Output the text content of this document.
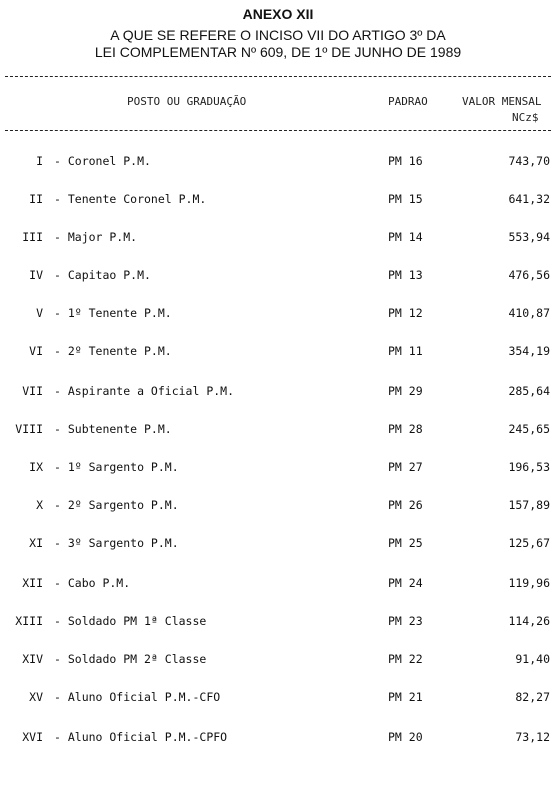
ANEXO XII
A QUE SE REFERE O INCISO VII DO ARTIGO 3º DA
LEI COMPLEMENTAR Nº 609, DE 1º DE JUNHO DE 1989
POSTO OU GRADUAÇÃO	PADRAO	VALOR MENSAL
NCz$
I - Coronel P.M.	PM 16	743,70
II - Tenente Coronel P.M.	PM 15	641,32
III - Major P.M.	PM 14	553,94
IV - Capitao P.M.	PM 13	476,56
V - 1º Tenente P.M.	PM 12	410,87
VI - 2º Tenente P.M.	PM 11	354,19
VII - Aspirante a Oficial P.M.	PM 29	285,64
VIII - Subtenente P.M.	PM 28	245,65
IX - 1º Sargento P.M.	PM 27	196,53
X - 2º Sargento P.M.	PM 26	157,89
XI - 3º Sargento P.M.	PM 25	125,67
XII - Cabo P.M.	PM 24	119,96
XIII - Soldado PM 1ª Classe	PM 23	114,26
XIV - Soldado PM 2ª Classe	PM 22	91,40
XV - Aluno Oficial P.M.-CFO	PM 21	82,27
XVI - Aluno Oficial P.M.-CPFO	PM 20	73,12
